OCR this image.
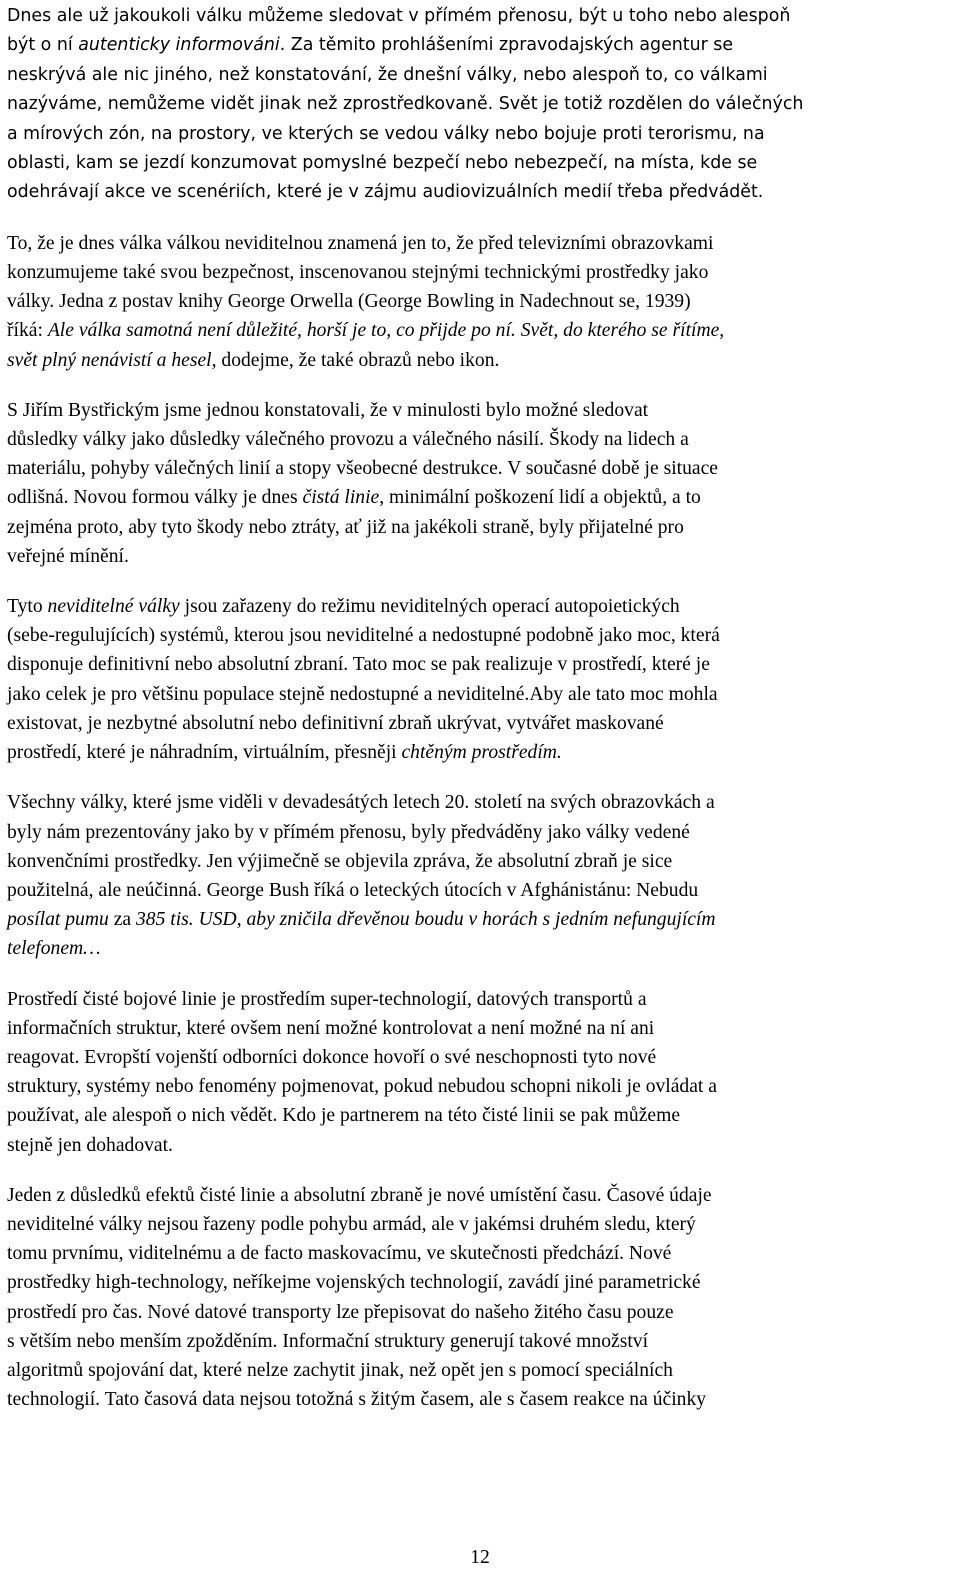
Dnes ale už jakoukoli válku můžeme sledovat v přímém přenosu, být u toho nebo alespoň
být o ní autenticky informováni. Za těmito prohlášeními zpravodajských agentur se
neskrývá ale nic jiného, než konstatování, že dnešní války, nebo alespoň to, co válkami
nazýváme, nemůžeme vidět jinak než zprostředkovaně. Svět je totiž rozdělen do válečných
a mírových zón, na prostory, ve kterých se vedou války nebo bojuje proti terorismu, na
oblasti, kam se jezdí konzumovat pomyslné bezpečí nebo nebezpečí, na místa, kde se
odehrávají akce ve scenériích, které je v zájmu audiovizuálních medií třeba předvádět.
To, že je dnes válka válkou neviditelnou znamená jen to, že před televizními obrazovkami
konzumujeme také svou bezpečnost, inscenovanou stejnými technickými prostředky jako
války. Jedna z postav knihy George Orwella (George Bowling in Nadechnout se, 1939)
říká: Ale válka samotná není důležité, horší je to, co přijde po ní. Svět, do kterého se řítíme,
svět plný nenávistí a hesel, dodejme, že také obrazů nebo ikon.
S Jiřím Bystřickým jsme jednou konstatovali, že v minulosti bylo možné sledovat
důsledky války jako důsledky válečného provozu a válečného násilí. Škody na lidech a
materiálu, pohyby válečných linií a stopy všeobecné destrukce. V současné době je situace
odlišná. Novou formou války je dnes čistá linie, minimální poškození lidí a objektů, a to
zejména proto, aby tyto škody nebo ztráty, ať již na jakékoli straně, byly přijatelné pro
veřejné mínění.
Tyto neviditelné války jsou zařazeny do režimu neviditelných operací autopoietických
(sebe-regulujících) systémů, kterou jsou neviditelné a nedostupné podobně jako moc, která
disponuje definitivní nebo absolutní zbraní. Tato moc se pak realizuje v prostředí, které je
jako celek je pro většinu populace stejně nedostupné a neviditelné.Aby ale tato moc mohla
existovat, je nezbytné absolutní nebo definitivní zbraň ukrývat, vytvářet maskované
prostředí, které je náhradním, virtuálním, přesněji chtěným prostředím.
Všechny války, které jsme viděli v devadesátých letech 20. století na svých obrazovkách a
byly nám prezentovány jako by v přímém přenosu, byly předváděny jako války vedené
konvenčními prostředky. Jen výjimečně se objevila zpráva, že absolutní zbraň je sice
použitelná, ale neúčinná. George Bush říká o leteckých útocích v Afghánistánu: Nebudu
posílat pumu za 385 tis. USD, aby zničila dřevěnou boudu v horách s jedním nefungujícím
telefonem…
Prostředí čisté bojové linie je prostředím super-technologií, datových transportů a
informačních struktur, které ovšem není možné kontrolovat a není možné na ní ani
reagovat. Evropští vojenští odborníci dokonce hovoří o své neschopnosti tyto nové
struktury, systémy nebo fenomény pojmenovat, pokud nebudou schopni nikoli je ovládat a
používat, ale alespoň o nich vědět. Kdo je partnerem na této čisté linii se pak můžeme
stejně jen dohadovat.
Jeden z důsledků efektů čisté linie a absolutní zbraně je nové umístění času. Časové údaje
neviditelné války nejsou řazeny podle pohybu armád, ale v jakémsi druhém sledu, který
tomu prvnímu, viditelnému a de facto maskovacímu, ve skutečnosti předchází. Nové
prostředky high-technology, neříkejme vojenských technologií, zavádí jiné parametrické
prostředí pro čas. Nové datové transporty lze přepisovat do našeho žitého času pouze
s větším nebo menším zpožděním. Informační struktury generují takové množství
algoritmů spojování dat, které nelze zachytit jinak, než opět jen s pomocí speciálních
technologií. Tato časová data nejsou totožná s žitým časem, ale s časem reakce na účinky
12
